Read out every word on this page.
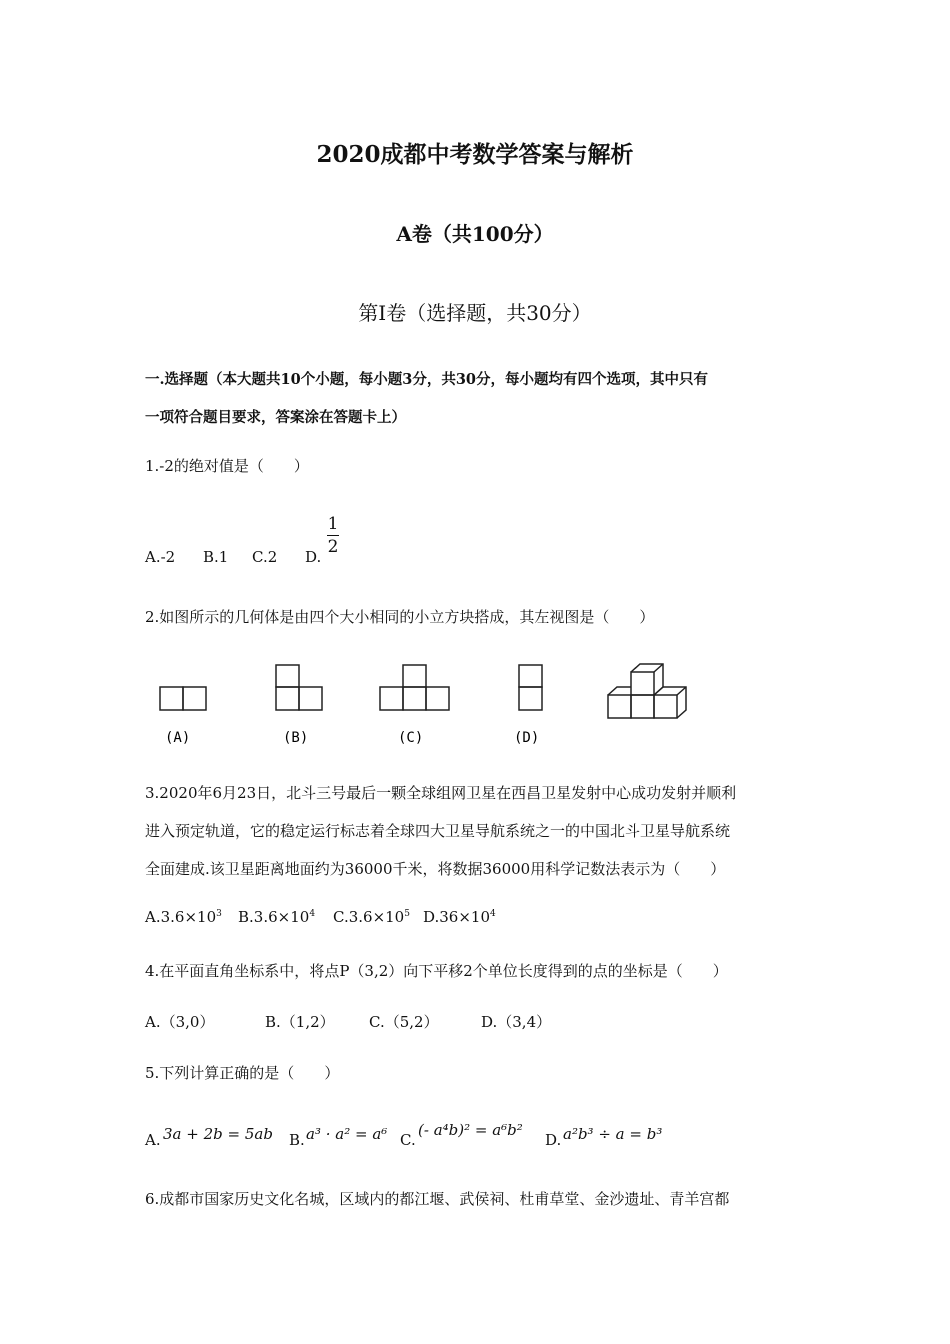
2020成都中考数学答案与解析
A卷（共100分）
第I卷（选择题，共30分）
一.选择题（本大题共10个小题，每小题3分，共30分，每小题均有四个选项，其中只有
一项符合题目要求，答案涂在答题卡上）
1.-2的绝对值是（　　）
A.-2 B.1 C.2 D.
1
2
2.如图所示的几何体是由四个大小相同的小立方块搭成，其左视图是（　　）
(A)	(B)	(C)	(D)
3.2020年6月23日，北斗三号最后一颗全球组网卫星在西昌卫星发射中心成功发射并顺利
进入预定轨道，它的稳定运行标志着全球四大卫星导航系统之一的中国北斗卫星导航系统
全面建成.该卫星距离地面约为36000千米，将数据36000用科学记数法表示为（　　）
$A.3.6\times 10^3$ $B.3.6\times 10^4$ $C.3.6\times 10^5$ $D.36\times 10^4$
4.在平面直角坐标系中，将点P（3,2）向下平移2个单位长度得到的点的坐标是（　　）
A.（3,0）	B.（1,2） C.（5,2）	D.（3,4）
5.下列计算正确的是（　　）
A. 3a + 2b = 5ab B. a³ · a² = a⁶ C.
(- a⁴b)² = a⁶b²
D. a²b³ ÷ a = b³
6.成都市国家历史文化名城，区域内的都江堰、武侯祠、杜甫草堂、金沙遗址、青羊宫都
